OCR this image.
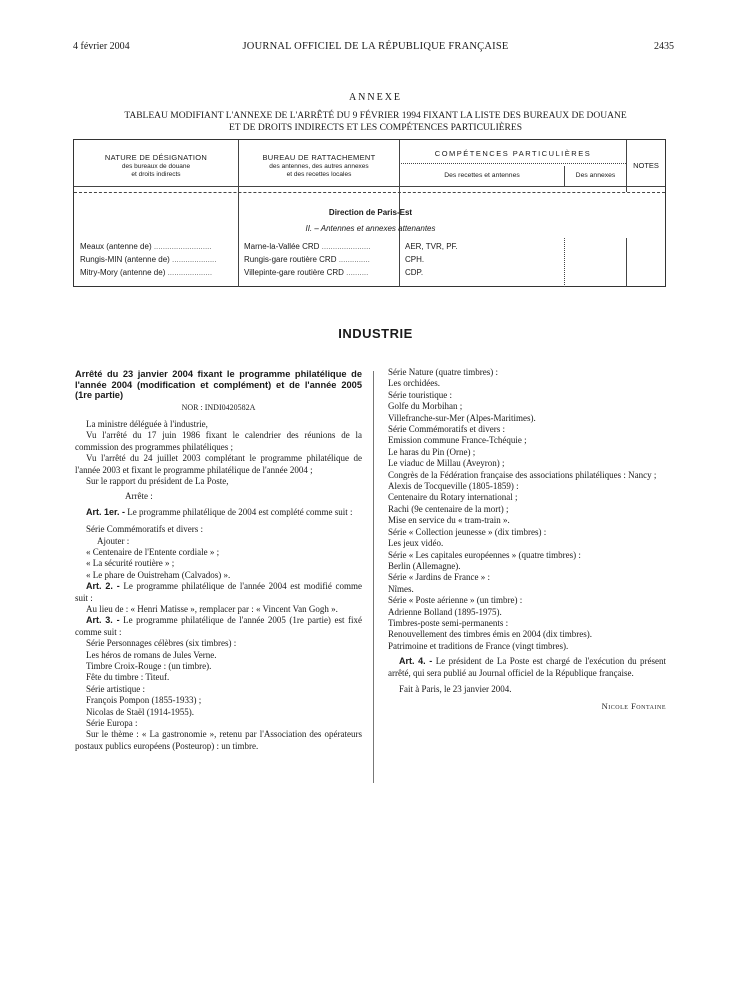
4 février 2004	JOURNAL OFFICIEL DE LA RÉPUBLIQUE FRANÇAISE	2435
ANNEXE
TABLEAU MODIFIANT L'ANNEXE DE L'ARRÊTÉ DU 9 FÉVRIER 1994 FIXANT LA LISTE DES BUREAUX DE DOUANE
ET DE DROITS INDIRECTS ET LES COMPÉTENCES PARTICULIÈRES
NATURE DE DÉSIGNATION
des bureaux de douane
et droits indirects
BUREAU DE RATTACHEMENT
des antennes, des autres annexes
et des recettes locales
COMPÉTENCES PARTICULIÈRES
Des recettes et antennes	Des annexes
NOTES
Direction de Paris-Est
II. – Antennes et annexes attenantes
Meaux (antenne de) ..........................	Marne-la-Vallée CRD ......................	AER, TVR, PF.
Rungis-MIN (antenne de) ....................	Rungis-gare routière CRD ..............	CPH.
Mitry-Mory (antenne de) ....................	Villepinte-gare routière CRD ..........	CDP.
INDUSTRIE

Arrêté du 23 janvier 2004 fixant le programme philatélique de l'année 2004 (modification et complément) et de l'année 2005 (1re partie)

NOR : INDI0420582A

La ministre déléguée à l'industrie,

Vu l'arrêté du 17 juin 1986 fixant le calendrier des réunions de la commission des programmes philatéliques ;

Vu l'arrêté du 24 juillet 2003 complétant le programme philatélique de l'année 2003 et fixant le programme philatélique de l'année 2004 ;

Sur le rapport du président de La Poste,

Arrête :

Art. 1er. - Le programme philatélique de 2004 est complété comme suit :

Série Commémoratifs et divers :

Ajouter :

« Centenaire de l'Entente cordiale » ;

« La sécurité routière » ;

« Le phare de Ouistreham (Calvados) ».

Art. 2. - Le programme philatélique de l'année 2004 est modifié comme suit :

Au lieu de : « Henri Matisse », remplacer par : « Vincent Van Gogh ».

Art. 3. - Le programme philatélique de l'année 2005 (1re partie) est fixé comme suit :

Série Personnages célèbres (six timbres) :

Les héros de romans de Jules Verne.

Timbre Croix-Rouge : (un timbre).

Fête du timbre : Titeuf.

Série artistique :

François Pompon (1855-1933) ;

Nicolas de Staël (1914-1955).

Série Europa :

Sur le thème : « La gastronomie », retenu par l'Association des opérateurs postaux publics européens (Posteurop) : un timbre.

Série Nature (quatre timbres) :

Les orchidées.

Série touristique :

Golfe du Morbihan ;

Villefranche-sur-Mer (Alpes-Maritimes).

Série Commémoratifs et divers :

Emission commune France-Tchéquie ;

Le haras du Pin (Orne) ;

Le viaduc de Millau (Aveyron) ;

Congrès de la Fédération française des associations philatéliques : Nancy ;

Alexis de Tocqueville (1805-1859) :

Centenaire du Rotary international ;

Rachi (9e centenaire de la mort) ;

Mise en service du « tram-train ».

Série « Collection jeunesse » (dix timbres) :

Les jeux vidéo.

Série « Les capitales européennes » (quatre timbres) :

Berlin (Allemagne).

Série « Jardins de France » :

Nîmes.

Série « Poste aérienne » (un timbre) :

Adrienne Bolland (1895-1975).

Timbres-poste semi-permanents :

Renouvellement des timbres émis en 2004 (dix timbres).

Patrimoine et traditions de France (vingt timbres).

Art. 4. - Le président de La Poste est chargé de l'exécution du présent arrêté, qui sera publié au Journal officiel de la République française.

Fait à Paris, le 23 janvier 2004.

Nicole Fontaine
